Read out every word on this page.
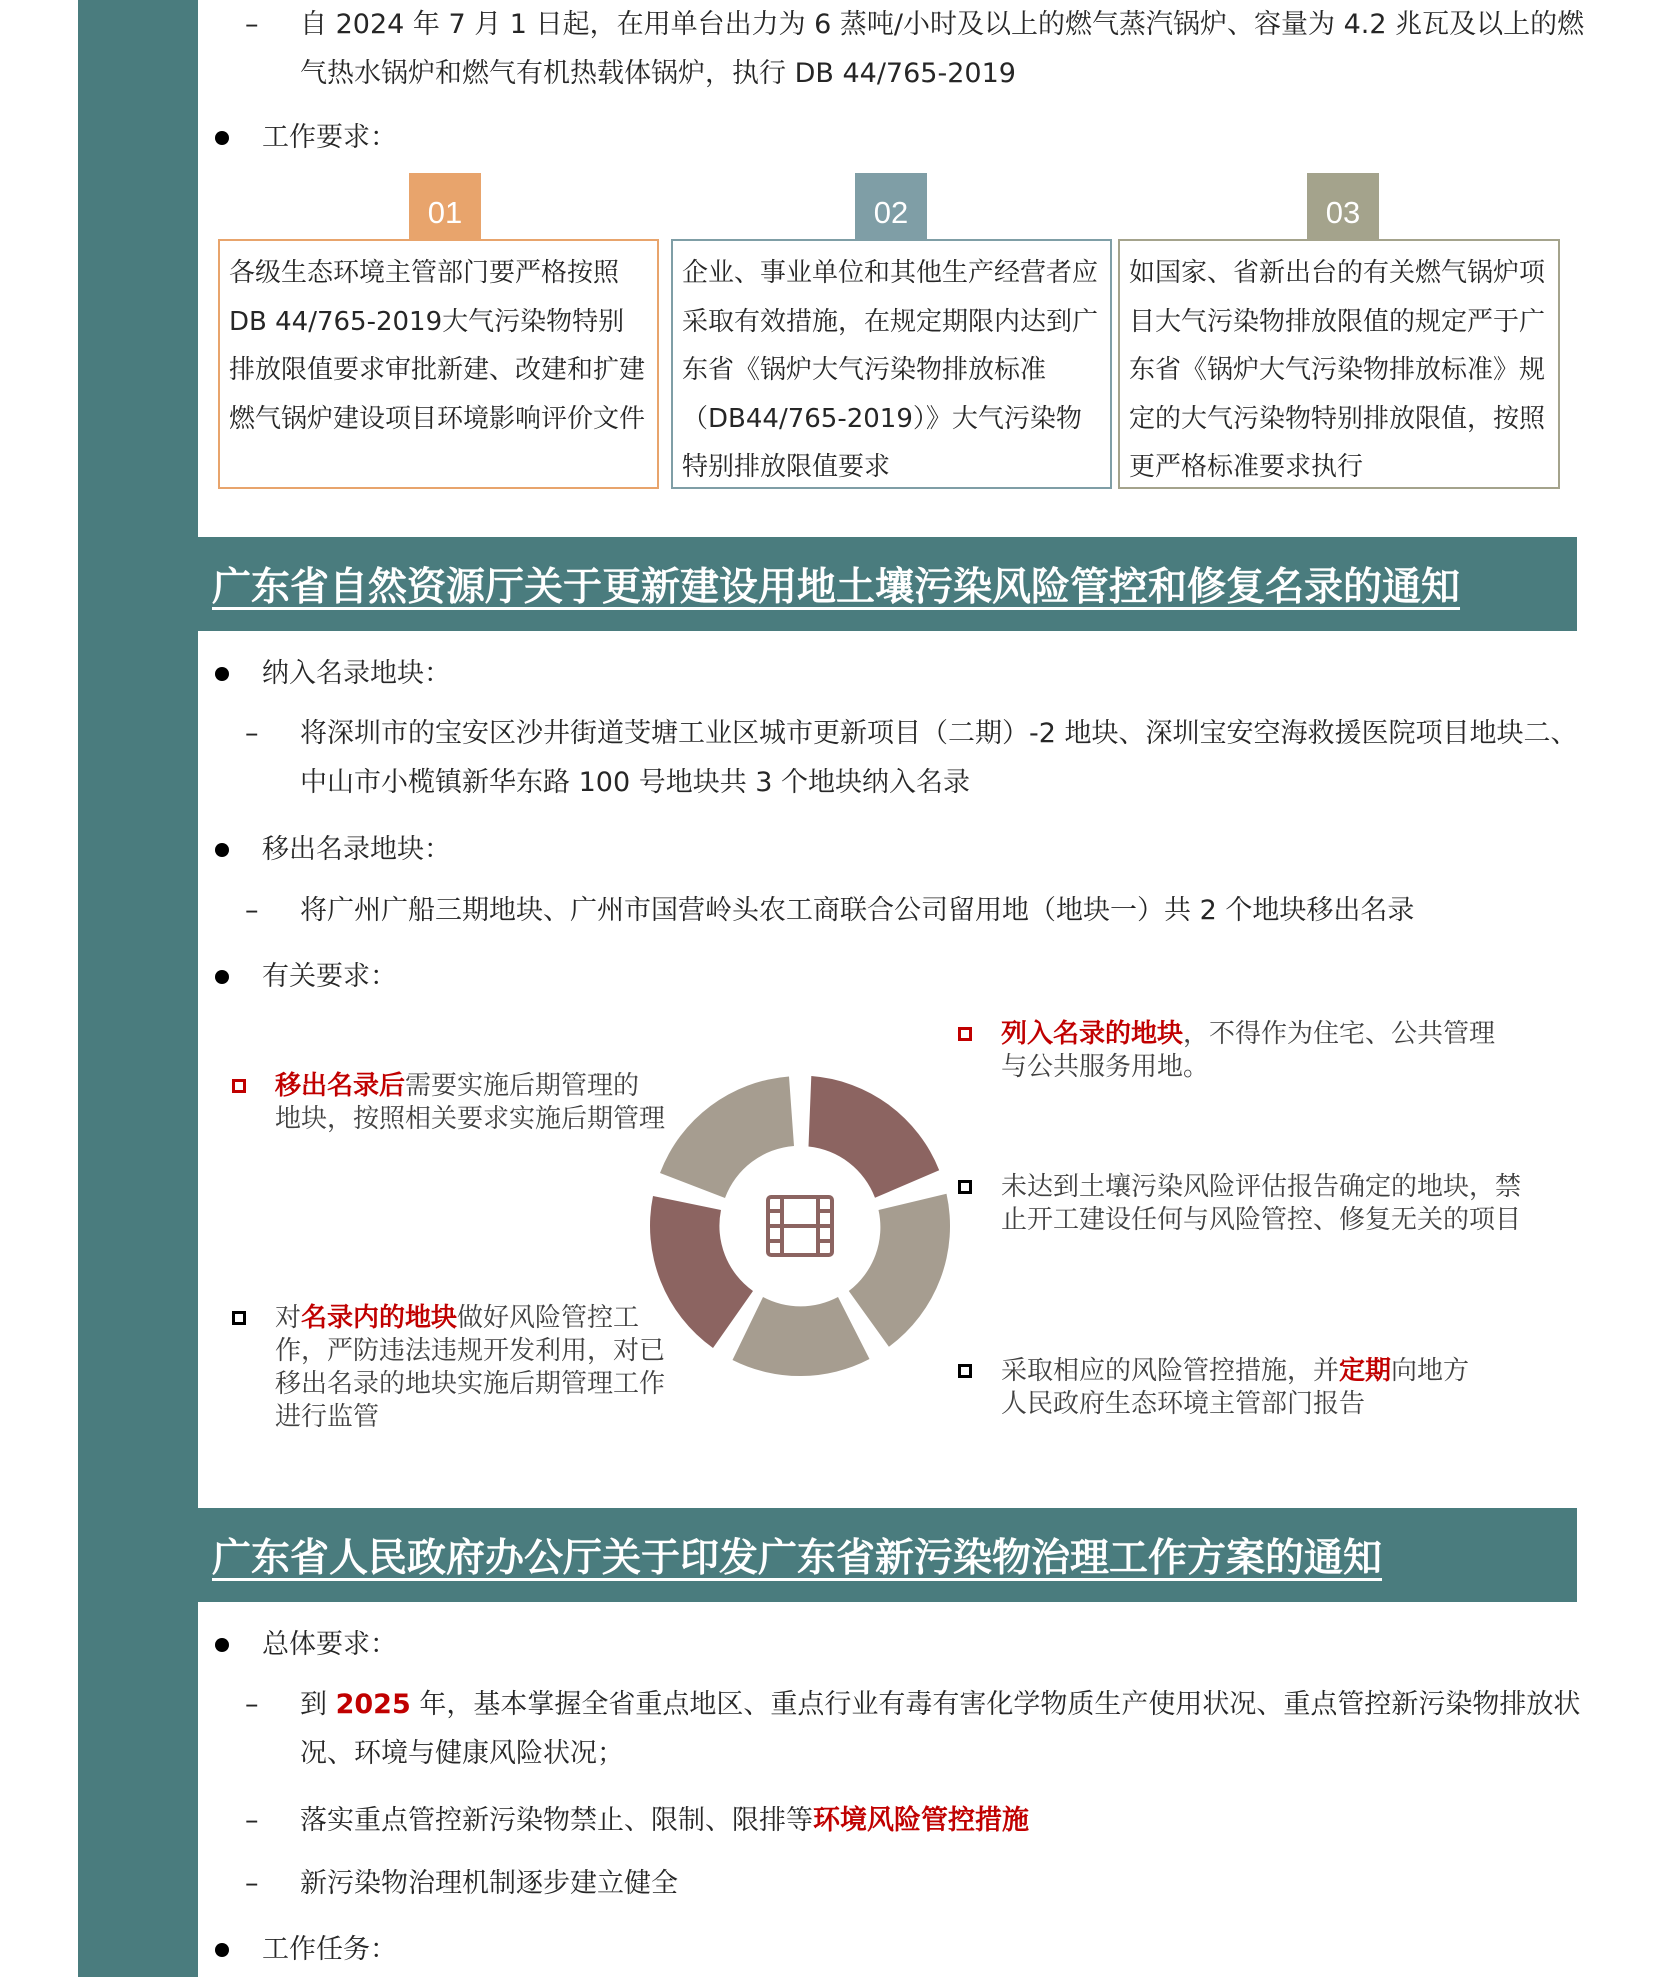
– 自 2024 年 7 月 1 日起，在用单台出力为 6 蒸吨/小时及以上的燃气蒸汽锅炉、容量为 4.2 兆瓦及以上的燃气热水锅炉和燃气有机热载体锅炉，执行 DB 44/765-2019
工作要求：
01	02	03
各级生态环境主管部门要严格按照 DB 44/765-2019大气污染物特别排放限值要求审批新建、改建和扩建燃气锅炉建设项目环境影响评价文件
企业、事业单位和其他生产经营者应采取有效措施，在规定期限内达到广东省《锅炉大气污染物排放标准（DB44/765-2019）》大气污染物特别排放限值要求
如国家、省新出台的有关燃气锅炉项目大气污染物排放限值的规定严于广东省《锅炉大气污染物排放标准》规定的大气污染物特别排放限值，按照更严格标准要求执行
广东省自然资源厅关于更新建设用地土壤污染风险管控和修复名录的通知
纳入名录地块：
– 将深圳市的宝安区沙井街道芠塘工业区城市更新项目（二期）-2 地块、深圳宝安空海救援医院项目地块二、中山市小榄镇新华东路 100 号地块共 3 个地块纳入名录
移出名录地块：
– 将广州广船三期地块、广州市国营岭头农工商联合公司留用地（地块一）共 2 个地块移出名录
有关要求：
移出名录后需要实施后期管理的地块，按照相关要求实施后期管理
对名录内的地块做好风险管控工作，严防违法违规开发利用，对已移出名录的地块实施后期管理工作进行监管
列入名录的地块，不得作为住宅、公共管理与公共服务用地。
未达到土壤污染风险评估报告确定的地块，禁止开工建设任何与风险管控、修复无关的项目
采取相应的风险管控措施，并定期向地方人民政府生态环境主管部门报告
广东省人民政府办公厅关于印发广东省新污染物治理工作方案的通知
总体要求：
– 到 2025 年，基本掌握全省重点地区、重点行业有毒有害化学物质生产使用状况、重点管控新污染物排放状况、环境与健康风险状况；
– 落实重点管控新污染物禁止、限制、限排等环境风险管控措施
– 新污染物治理机制逐步建立健全
工作任务：
